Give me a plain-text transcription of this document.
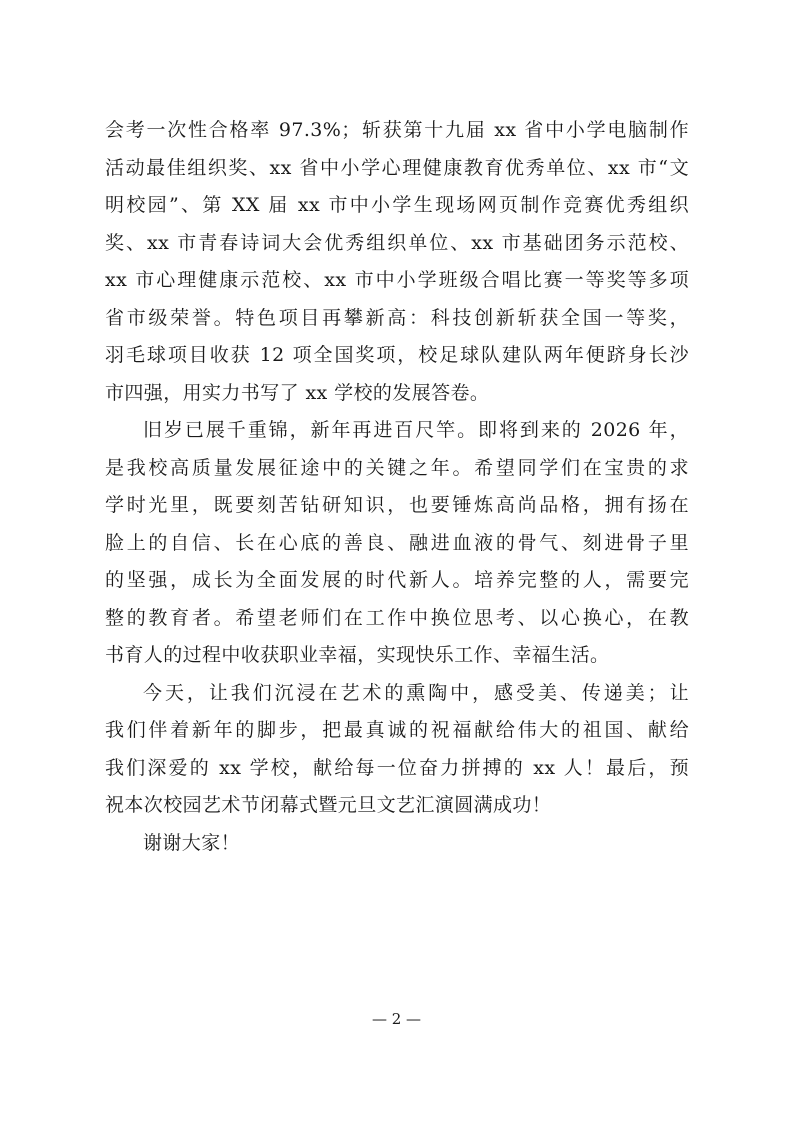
会考一次性合格率 97.3%；斩获第十九届 xx 省中小学电脑制作
活动最佳组织奖、xx 省中小学心理健康教育优秀单位、xx 市“文
明校园”、第 XX 届 xx 市中小学生现场网页制作竞赛优秀组织
奖、xx 市青春诗词大会优秀组织单位、xx 市基础团务示范校、
xx 市心理健康示范校、xx 市中小学班级合唱比赛一等奖等多项
省市级荣誉。特色项目再攀新高：科技创新斩获全国一等奖，
羽毛球项目收获 12 项全国奖项，校足球队建队两年便跻身长沙
市四强，用实力书写了 xx 学校的发展答卷。
旧岁已展千重锦，新年再进百尺竿。即将到来的 2026 年，
是我校高质量发展征途中的关键之年。希望同学们在宝贵的求
学时光里，既要刻苦钻研知识，也要锤炼高尚品格，拥有扬在
脸上的自信、长在心底的善良、融进血液的骨气、刻进骨子里
的坚强，成长为全面发展的时代新人。培养完整的人，需要完
整的教育者。希望老师们在工作中换位思考、以心换心，在教
书育人的过程中收获职业幸福，实现快乐工作、幸福生活。
今天，让我们沉浸在艺术的熏陶中，感受美、传递美；让
我们伴着新年的脚步，把最真诚的祝福献给伟大的祖国、献给
我们深爱的 xx 学校，献给每一位奋力拼搏的 xx 人！最后，预
祝本次校园艺术节闭幕式暨元旦文艺汇演圆满成功！
谢谢大家！
— 2 —
